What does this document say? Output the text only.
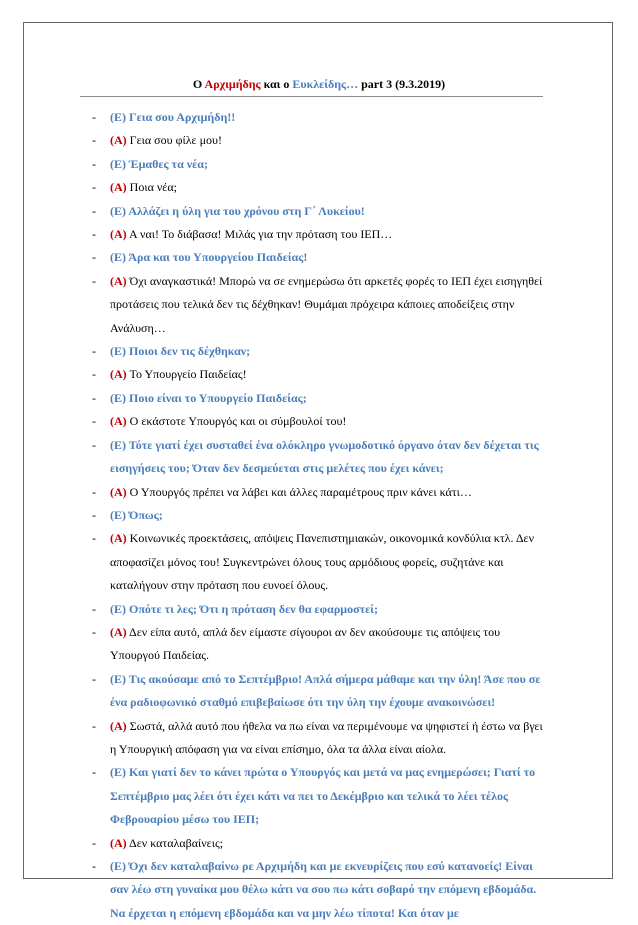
Ο Αρχιμήδης και ο Ευκλείδης… part 3 (9.3.2019)
- (Ε) Γεια σου Αρχιμήδη!!
- (Α) Γεια σου φίλε μου!
- (Ε) Έμαθες τα νέα;
- (Α) Ποια νέα;
- (Ε) Αλλάζει η ύλη για του χρόνου στη Γ΄ Λυκείου!
- (Α) Α ναι! Το διάβασα! Μιλάς για την πρόταση του ΙΕΠ…
- (Ε) Άρα και του Υπουργείου Παιδείας!
- (Α) Όχι αναγκαστικά! Μπορώ να σε ενημερώσω ότι αρκετές φορές το ΙΕΠ έχει εισηγηθεί προτάσεις που τελικά δεν τις δέχθηκαν! Θυμάμαι πρόχειρα κάποιες αποδείξεις στην Ανάλυση…
- (Ε) Ποιοι δεν τις δέχθηκαν;
- (Α) Το Υπουργείο Παιδείας!
- (Ε) Ποιο είναι το Υπουργείο Παιδείας;
- (Α) Ο εκάστοτε Υπουργός και οι σύμβουλοί του!
- (Ε) Τότε γιατί έχει συσταθεί ένα ολόκληρο γνωμοδοτικό όργανο όταν δεν δέχεται τις εισηγήσεις του; Όταν δεν δεσμεύεται στις μελέτες που έχει κάνει;
- (Α) Ο Υπουργός πρέπει να λάβει και άλλες παραμέτρους πριν κάνει κάτι…
- (Ε) Όπως;
- (Α) Κοινωνικές προεκτάσεις, απόψεις Πανεπιστημιακών, οικονομικά κονδύλια κτλ. Δεν αποφασίζει μόνος του! Συγκεντρώνει όλους τους αρμόδιους φορείς, συζητάνε και καταλήγουν στην πρόταση που ευνοεί όλους.
- (Ε) Οπότε τι λες; Ότι η πρόταση δεν θα εφαρμοστεί;
- (Α) Δεν είπα αυτό, απλά δεν είμαστε σίγουροι αν δεν ακούσουμε τις απόψεις του Υπουργού Παιδείας.
- (Ε) Τις ακούσαμε από το Σεπτέμβριο! Απλά σήμερα μάθαμε και την ύλη! Άσε που σε ένα ραδιοφωνικό σταθμό επιβεβαίωσε ότι την ύλη την έχουμε ανακοινώσει!
- (Α) Σωστά, αλλά αυτό που ήθελα να πω είναι να περιμένουμε να ψηφιστεί ή έστω να βγει η Υπουργική απόφαση για να είναι επίσημο, όλα τα άλλα είναι αίολα.
- (Ε) Και γιατί δεν το κάνει πρώτα ο Υπουργός και μετά να μας ενημερώσει; Γιατί το Σεπτέμβριο μας λέει ότι έχει κάτι να πει το Δεκέμβριο και τελικά το λέει τέλος Φεβρουαρίου μέσω του ΙΕΠ;
- (Α) Δεν καταλαβαίνεις;
- (Ε) Όχι δεν καταλαβαίνω ρε Αρχιμήδη και με εκνευρίζεις που εσύ κατανοείς! Είναι σαν λέω στη γυναίκα μου θέλω κάτι να σου πω κάτι σοβαρό την επόμενη εβδομάδα. Να έρχεται η επόμενη εβδομάδα και να μην λέω τίποτα! Και όταν με
